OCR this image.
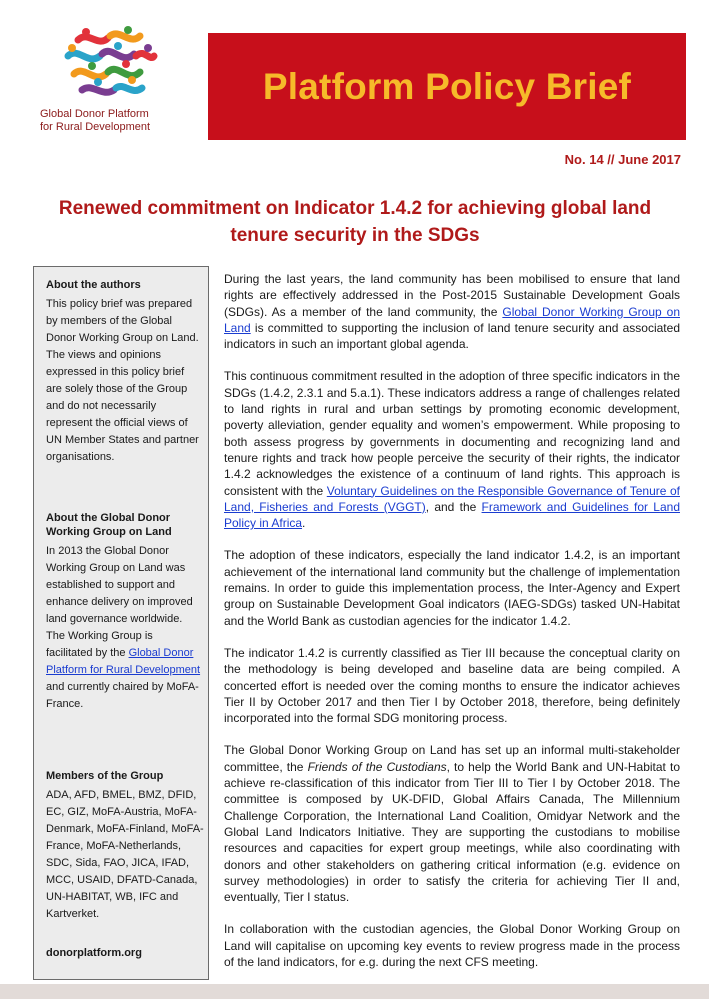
Global Donor Platform
for Rural Development
Platform Policy Brief
No. 14 // June 2017
Renewed commitment on Indicator 1.4.2 for achieving global land
tenure security in the SDGs
About the authors

This policy brief was prepared by members of the Global Donor Working Group on Land. The views and opinions expressed in this policy brief are solely those of the Group and do not necessarily represent the official views of UN Member States and partner organisations.

About the Global Donor Working Group on Land

In 2013 the Global Donor Working Group on Land was established to support and enhance delivery on improved land governance worldwide. The Working Group is facilitated by the Global Donor Platform for Rural Development and currently chaired by MoFA-France.

Members of the Group

ADA, AFD, BMEL, BMZ, DFID, EC, GIZ, MoFA-Austria, MoFA-Denmark, MoFA-Finland, MoFA-France, MoFA-Netherlands, SDC, Sida, FAO, JICA, IFAD, MCC, USAID, DFATD-Canada, UN-HABITAT, WB, IFC and Kartverket.

donorplatform.org

During the last years, the land community has been mobilised to ensure that land rights are effectively addressed in the Post-2015 Sustainable Development Goals (SDGs). As a member of the land community, the Global Donor Working Group on Land is committed to supporting the inclusion of land tenure security and associated indicators in such an important global agenda.

This continuous commitment resulted in the adoption of three specific indicators in the SDGs (1.4.2, 2.3.1 and 5.a.1). These indicators address a range of challenges related to land rights in rural and urban settings by promoting economic development, poverty alleviation, gender equality and women’s empowerment. While proposing to both assess progress by governments in documenting and recognizing land and tenure rights and track how people perceive the security of their rights, the indicator 1.4.2 acknowledges the existence of a continuum of land rights. This approach is consistent with the Voluntary Guidelines on the Responsible Governance of Tenure of Land, Fisheries and Forests (VGGT), and the Framework and Guidelines for Land Policy in Africa.

The adoption of these indicators, especially the land indicator 1.4.2, is an important achievement of the international land community but the challenge of implementation remains. In order to guide this implementation process, the Inter-Agency and Expert group on Sustainable Development Goal indicators (IAEG-SDGs) tasked UN-Habitat and the World Bank as custodian agencies for the indicator 1.4.2.

The indicator 1.4.2 is currently classified as Tier III because the conceptual clarity on the methodology is being developed and baseline data are being compiled. A concerted effort is needed over the coming months to ensure the indicator achieves Tier II by October 2017 and then Tier I by October 2018, therefore, being definitely incorporated into the formal SDG monitoring process.

The Global Donor Working Group on Land has set up an informal multi-stakeholder committee, the Friends of the Custodians, to help the World Bank and UN-Habitat to achieve re-classification of this indicator from Tier III to Tier I by October 2018. The committee is composed by UK-DFID, Global Affairs Canada, The Millennium Challenge Corporation, the International Land Coalition, Omidyar Network and the Global Land Indicators Initiative. They are supporting the custodians to mobilise resources and capacities for expert group meetings, while also coordinating with donors and other stakeholders on gathering critical information (e.g. evidence on survey methodologies) in order to satisfy the criteria for achieving Tier II and, eventually, Tier I status.

In collaboration with the custodian agencies, the Global Donor Working Group on Land will capitalise on upcoming key events to review progress made in the process of the land indicators, for e.g. during the next CFS meeting.
